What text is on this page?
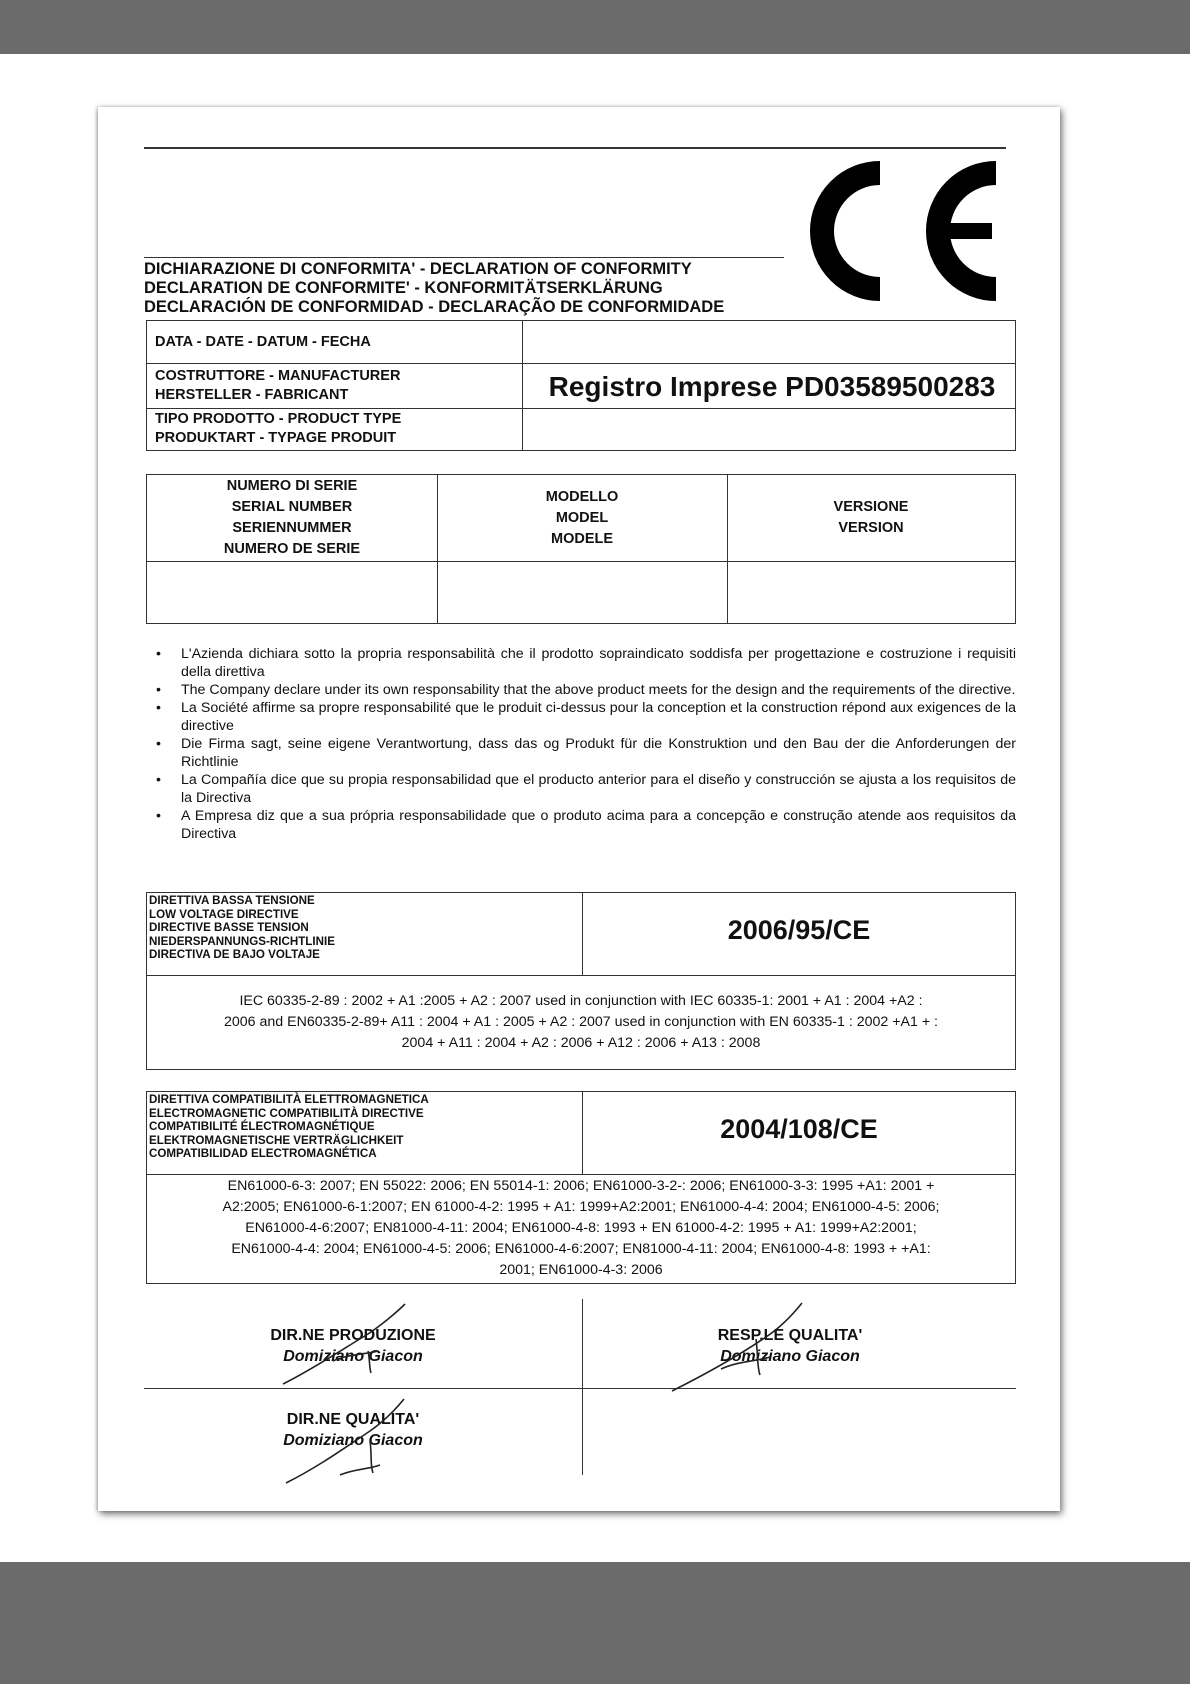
DICHIARAZIONE DI CONFORMITA' - DECLARATION OF CONFORMITY
DECLARATION DE CONFORMITE' - KONFORMITÄTSERKLÄRUNG
DECLARACIÓN DE CONFORMIDAD - DECLARAÇÃO DE CONFORMIDADE
DATA - DATE - DATUM - FECHA
COSTRUTTORE - MANUFACTURER
HERSTELLER - FABRICANT	Registro Imprese PD03589500283
TIPO PRODOTTO - PRODUCT TYPE
PRODUKTART - TYPAGE PRODUIT
NUMERO DI SERIE
SERIAL NUMBER
SERIENNUMMER
NUMERO DE SERIE
MODELLO
MODEL
MODELE
VERSIONE
VERSION
• L'Azienda dichiara sotto la propria responsabilità che il prodotto sopraindicato soddisfa per progettazione e costruzione i requisiti della direttiva
• The Company declare under its own responsability that the above product meets for the design and the requirements of the directive.
• La Société affirme sa propre responsabilité que le produit ci-dessus pour la conception et la construction répond aux exigences de la directive
• Die Firma sagt, seine eigene Verantwortung, dass das og Produkt für die Konstruktion und den Bau der die Anforderungen der Richtlinie
• La Compañía dice que su propia responsabilidad que el producto anterior para el diseño y construcción se ajusta a los requisitos de la Directiva
• A Empresa diz que a sua própria responsabilidade que o produto acima para a concepção e construção atende aos requisitos da Directiva
DIRETTIVA BASSA TENSIONE
LOW VOLTAGE DIRECTIVE
DIRECTIVE BASSE TENSION
NIEDERSPANNUNGS-RICHTLINIE
DIRECTIVA DE BAJO VOLTAJE
2006/95/CE
IEC 60335-2-89 : 2002 + A1 :2005 + A2 : 2007 used in conjunction with IEC 60335-1: 2001 + A1 : 2004 +A2 :
2006 and EN60335-2-89+ A11 : 2004 + A1 : 2005 + A2 : 2007 used in conjunction with EN 60335-1 : 2002 +A1 + :
2004 + A11 : 2004 + A2 : 2006 + A12 : 2006 + A13 : 2008
DIRETTIVA COMPATIBILITÀ ELETTROMAGNETICA
ELECTROMAGNETIC COMPATIBILITÀ DIRECTIVE
COMPATIBILITÉ ÉLECTROMAGNÉTIQUE
ELEKTROMAGNETISCHE VERTRÄGLICHKEIT
COMPATIBILIDAD ELECTROMAGNÉTICA
2004/108/CE
EN61000-6-3: 2007; EN 55022: 2006; EN 55014-1: 2006; EN61000-3-2-: 2006; EN61000-3-3: 1995 +A1: 2001 +
A2:2005; EN61000-6-1:2007; EN 61000-4-2: 1995 + A1: 1999+A2:2001; EN61000-4-4: 2004; EN61000-4-5: 2006;
EN61000-4-6:2007; EN81000-4-11: 2004; EN61000-4-8: 1993 + EN 61000-4-2: 1995 + A1: 1999+A2:2001;
EN61000-4-4: 2004; EN61000-4-5: 2006; EN61000-4-6:2007; EN81000-4-11: 2004; EN61000-4-8: 1993 + +A1:
2001; EN61000-4-3: 2006
DIR.NE PRODUZIONE
Domiziano Giacon
RESP.LE QUALITA'
Domiziano Giacon
DIR.NE QUALITA'
Domiziano Giacon
